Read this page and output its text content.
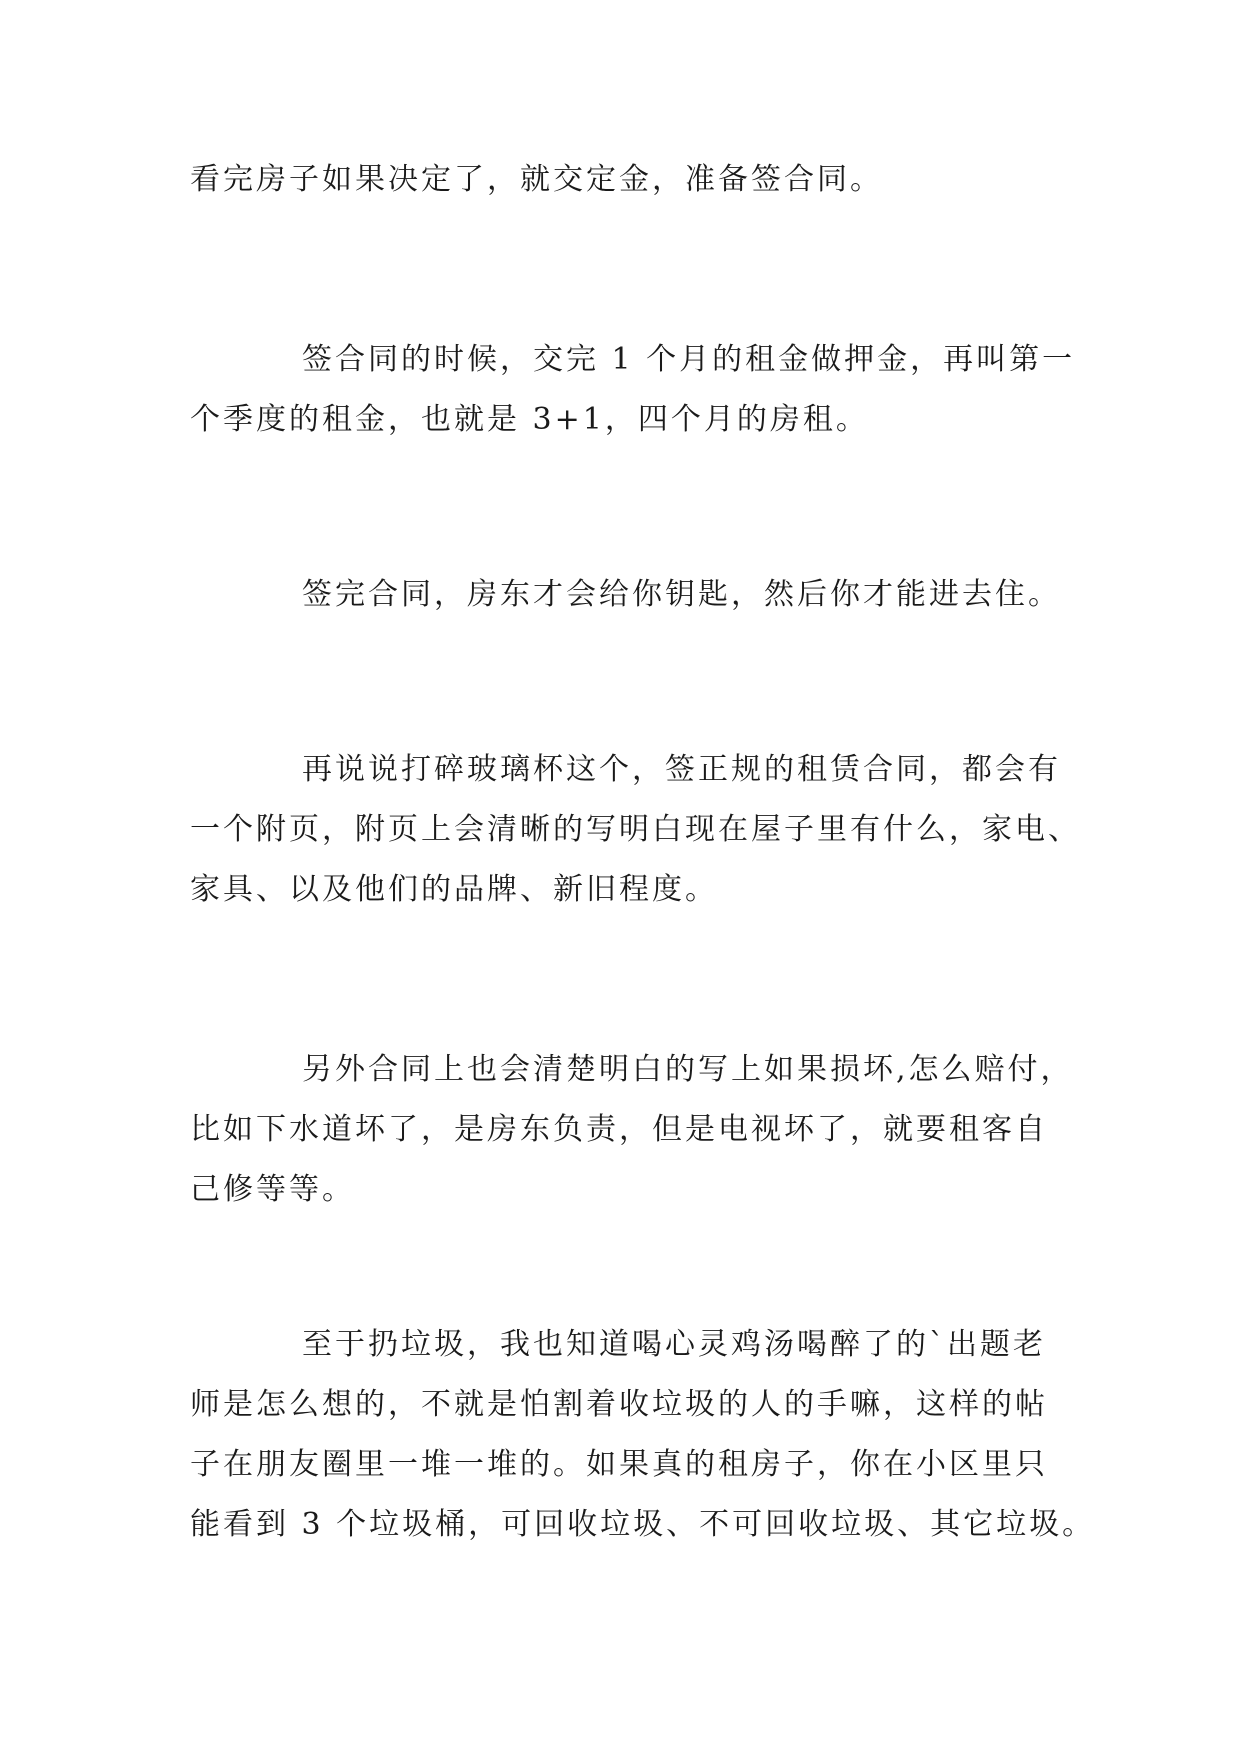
看完房子如果决定了，就交定金，准备签合同。

签合同的时候，交完 1 个月的租金做押金，再叫第一
个季度的租金，也就是 3+1，四个月的房租。

签完合同，房东才会给你钥匙，然后你才能进去住。

再说说打碎玻璃杯这个，签正规的租赁合同，都会有
一个附页，附页上会清晰的写明白现在屋子里有什么，家电、
家具、以及他们的品牌、新旧程度。

另外合同上也会清楚明白的写上如果损坏,怎么赔付，
比如下水道坏了，是房东负责，但是电视坏了，就要租客自
己修等等。

至于扔垃圾，我也知道喝心灵鸡汤喝醉了的`出题老
师是怎么想的，不就是怕割着收垃圾的人的手嘛，这样的帖
子在朋友圈里一堆一堆的。如果真的租房子，你在小区里只
能看到 3 个垃圾桶，可回收垃圾、不可回收垃圾、其它垃圾。
